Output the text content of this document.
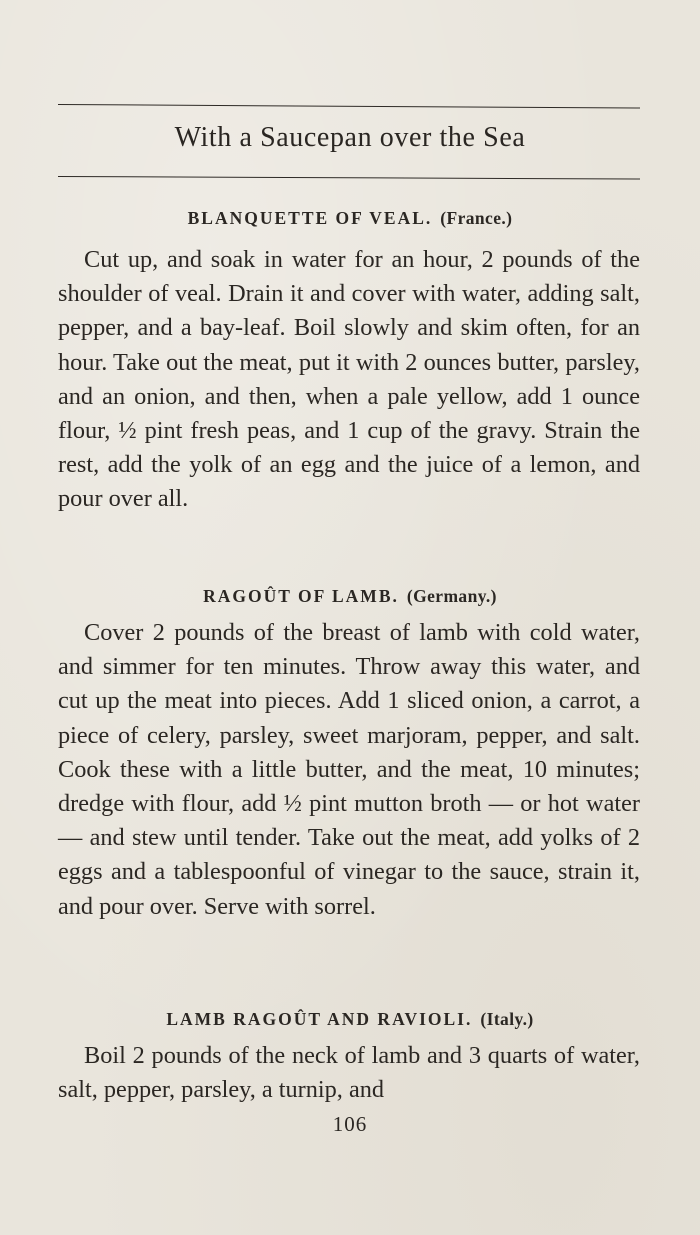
With a Saucepan over the Sea
BLANQUETTE OF VEAL. (France.)

Cut up, and soak in water for an hour, 2 pounds of the shoulder of veal. Drain it and cover with water, adding salt, pepper, and a bay-leaf. Boil slowly and skim often, for an hour. Take out the meat, put it with 2 ounces butter, parsley, and an onion, and then, when a pale yellow, add 1 ounce flour, ½ pint fresh peas, and 1 cup of the gravy. Strain the rest, add the yolk of an egg and the juice of a lemon, and pour over all.

RAGOÛT OF LAMB. (Germany.)

Cover 2 pounds of the breast of lamb with cold water, and simmer for ten minutes. Throw away this water, and cut up the meat into pieces. Add 1 sliced onion, a carrot, a piece of celery, parsley, sweet marjoram, pepper, and salt. Cook these with a little butter, and the meat, 10 minutes; dredge with flour, add ½ pint mutton broth — or hot water — and stew until tender. Take out the meat, add yolks of 2 eggs and a tablespoonful of vinegar to the sauce, strain it, and pour over. Serve with sorrel.

LAMB RAGOÛT AND RAVIOLI. (Italy.)

Boil 2 pounds of the neck of lamb and 3 quarts of water, salt, pepper, parsley, a turnip, and

106
